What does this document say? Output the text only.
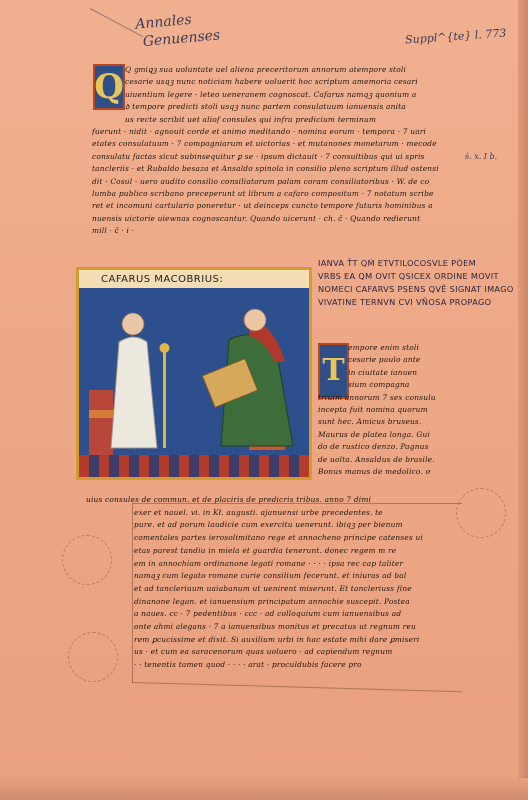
Annales
Genuenses	Suppl^{te} l. 773
Q Q ꝯmiꝗꝫ sua uoluntate uel aliena preceritorum annorum atempore stoli
cesarie usqꝫ nunc noticiam habere uoluerit hoc scriptum amemoria cesari
uiuentium legere · leteo ueneranem cognoscat. Cafarus namqꝫ quonium a
ꝺ tempore predicti stoli usqꝫ nunc partem consulatuum ianuensis anita
us recte scribit uet aliof consules qui infra predicium terminum
fuerunt · nidit · agnouit corde et animo meditando · nomina eorum · tempora · 7 uari
etates consulatuum · 7 compagniarum et uictorias · et mutanones monetarum · mecode
consulatu factas sicut subinsequitur ꝑ se · ipsum dictauit · 7 consultibus qui ui spris
tancleriis · et Rubaldo besaza et Ansaldo spinola in consilio pleno scriptum illud ostensi
dit · Cosul · uero audito consilio consiliatorum palam coram consiliatoribus · W. de co
lumba publico scribano preceperunt ut librum a cafaro compositum · 7 notatum scribe
ret et incomuni cartulario poneretur · ut deinceps cuncto tempore futuris hominibus a
nuensis uictorie uiewnas cognoscantur. Quando uicerunt · ch. č · Quando redierunt
mill · č · i ·
ṡ. x. I b.
CAFARUS MACOBRIUS:
IANVA T̃T QḾ ETVTILOCOSVLE PÓEM
VRBS EA QM OVIT QSICEX ORDINE MOVIT
NOMECI CAFARVS PSENS QVẼ SIGNAT IMAGO
VIVATINE TERNVN CVI VÑOSA PROPAGO
T
empore enim stoli
cesarie paulo ante
in ciuitate ianuen
sium compagna
triuim annorum 7 sex consulu
incepta fuit nomina quorum
sunt hec. Amicus bruseus.
Maurus de platea longa. Gui
do de rustico denzo. Pagnus
de uolta. Ansaldus de brasile.
Bonus manus de medolico. ơ
uius consules de commun. et de placiris de predicris tribus. anno 7 dimi
exer et nauel. vi. in Kł. augusti. ajanuensi urbe precedentes. te
pure. et ad porum laudicie cum exercitu uenerunt. ibiqꝫ per bienum
comentales partes ierosolimitano rege et annocheno principe catenses ui
etas parest tandiu in miela et guardia tenerunt. donec regem m re
em in annochiam ordinanone legati romane · · · · ipsa rec cap taliter
namqꝫ cum legato romane curie consilium fecerunt. et iniuras ad bal
et ad tancleriuum uaiabanum ut uenirent miserunt. Et tancleriuss fine
dinanone legan. et ianuensium principatum annochie suscepit. Postea
a naues. cc · 7 pedentibus · ccc · ad colloquium cum ianuensibus ad
onte ahmi alegans · 7 a ianuensibus monitus et precatus ut regnum reu
rem ꝑcucissime et dixit. Si auxilium urbi in hac estate mihi dare ꝑmiseri
us · et cum ea saracenorum quas uoluero · ad capiendum regnum
· · tenentis tamen quod · · · · arat · proculdubis facere pro
